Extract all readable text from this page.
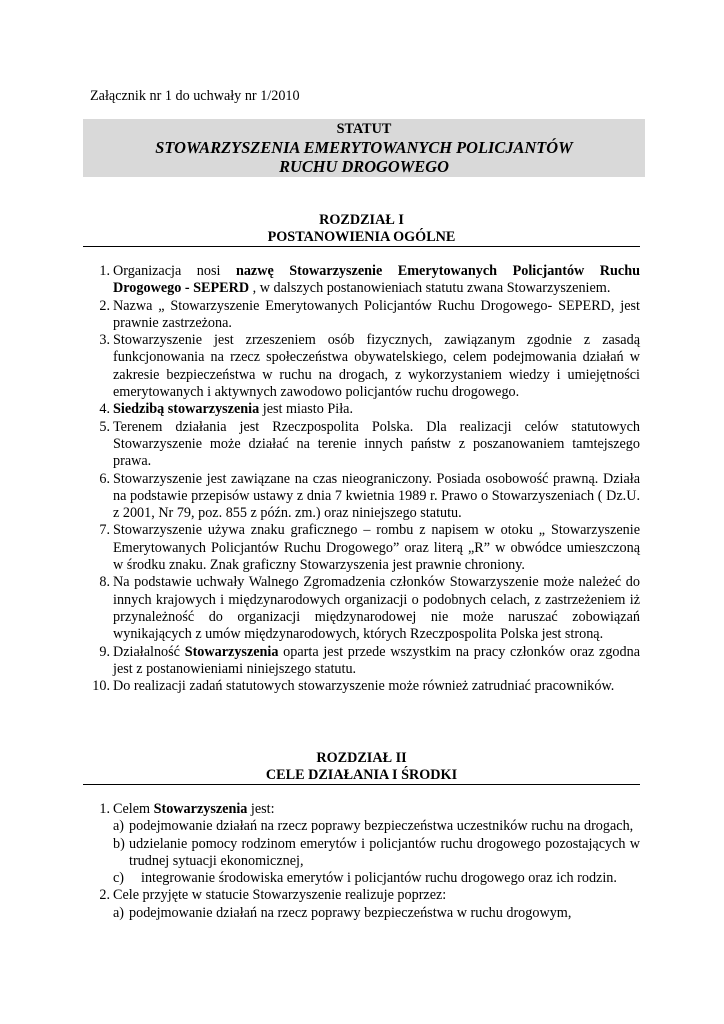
Załącznik nr 1 do uchwały nr 1/2010
STATUT
STOWARZYSZENIA EMERYTOWANYCH POLICJANTÓW
RUCHU DROGOWEGO
ROZDZIAŁ I
POSTANOWIENIA OGÓLNE
1. Organizacja nosi nazwę Stowarzyszenie Emerytowanych Policjantów Ruchu Drogowego - SEPERD , w dalszych postanowieniach statutu zwana Stowarzyszeniem.
2. Nazwa „ Stowarzyszenie Emerytowanych Policjantów Ruchu Drogowego- SEPERD, jest prawnie zastrzeżona.
3. Stowarzyszenie jest zrzeszeniem osób fizycznych, zawiązanym zgodnie z zasadą funkcjonowania na rzecz społeczeństwa obywatelskiego, celem podejmowania działań w zakresie bezpieczeństwa w ruchu na drogach, z wykorzystaniem wiedzy i umiejętności emerytowanych i aktywnych zawodowo policjantów ruchu drogowego.
4. Siedzibą stowarzyszenia jest miasto Piła.
5. Terenem działania jest Rzeczpospolita Polska. Dla realizacji celów statutowych Stowarzyszenie może działać na terenie innych państw z poszanowaniem tamtejszego prawa.
6. Stowarzyszenie jest zawiązane na czas nieograniczony. Posiada osobowość prawną. Działa na podstawie przepisów ustawy z dnia 7 kwietnia 1989 r. Prawo o Stowarzyszeniach ( Dz.U. z 2001, Nr 79, poz. 855 z późn. zm.) oraz niniejszego statutu.
7. Stowarzyszenie używa znaku graficznego – rombu z napisem w otoku „ Stowarzyszenie Emerytowanych Policjantów Ruchu Drogowego” oraz literą „R” w obwódce umieszczoną w środku znaku. Znak graficzny Stowarzyszenia jest prawnie chroniony.
8. Na podstawie uchwały Walnego Zgromadzenia członków Stowarzyszenie może należeć do innych krajowych i międzynarodowych organizacji o podobnych celach, z zastrzeżeniem iż przynależność do organizacji międzynarodowej nie może naruszać zobowiązań wynikających z umów międzynarodowych, których Rzeczpospolita Polska jest stroną.
9. Działalność Stowarzyszenia oparta jest przede wszystkim na pracy członków oraz zgodna jest z postanowieniami niniejszego statutu.
10. Do realizacji zadań statutowych stowarzyszenie może również zatrudniać pracowników.
ROZDZIAŁ II
CELE DZIAŁANIA I ŚRODKI
1. Celem Stowarzyszenia jest:
a) podejmowanie działań na rzecz poprawy bezpieczeństwa uczestników ruchu na drogach,
b) udzielanie pomocy rodzinom emerytów i policjantów ruchu drogowego pozostających w trudnej sytuacji ekonomicznej,
c) integrowanie środowiska emerytów i policjantów ruchu drogowego oraz ich rodzin.
2. Cele przyjęte w statucie Stowarzyszenie realizuje poprzez:
a) podejmowanie działań na rzecz poprawy bezpieczeństwa w ruchu drogowym,
